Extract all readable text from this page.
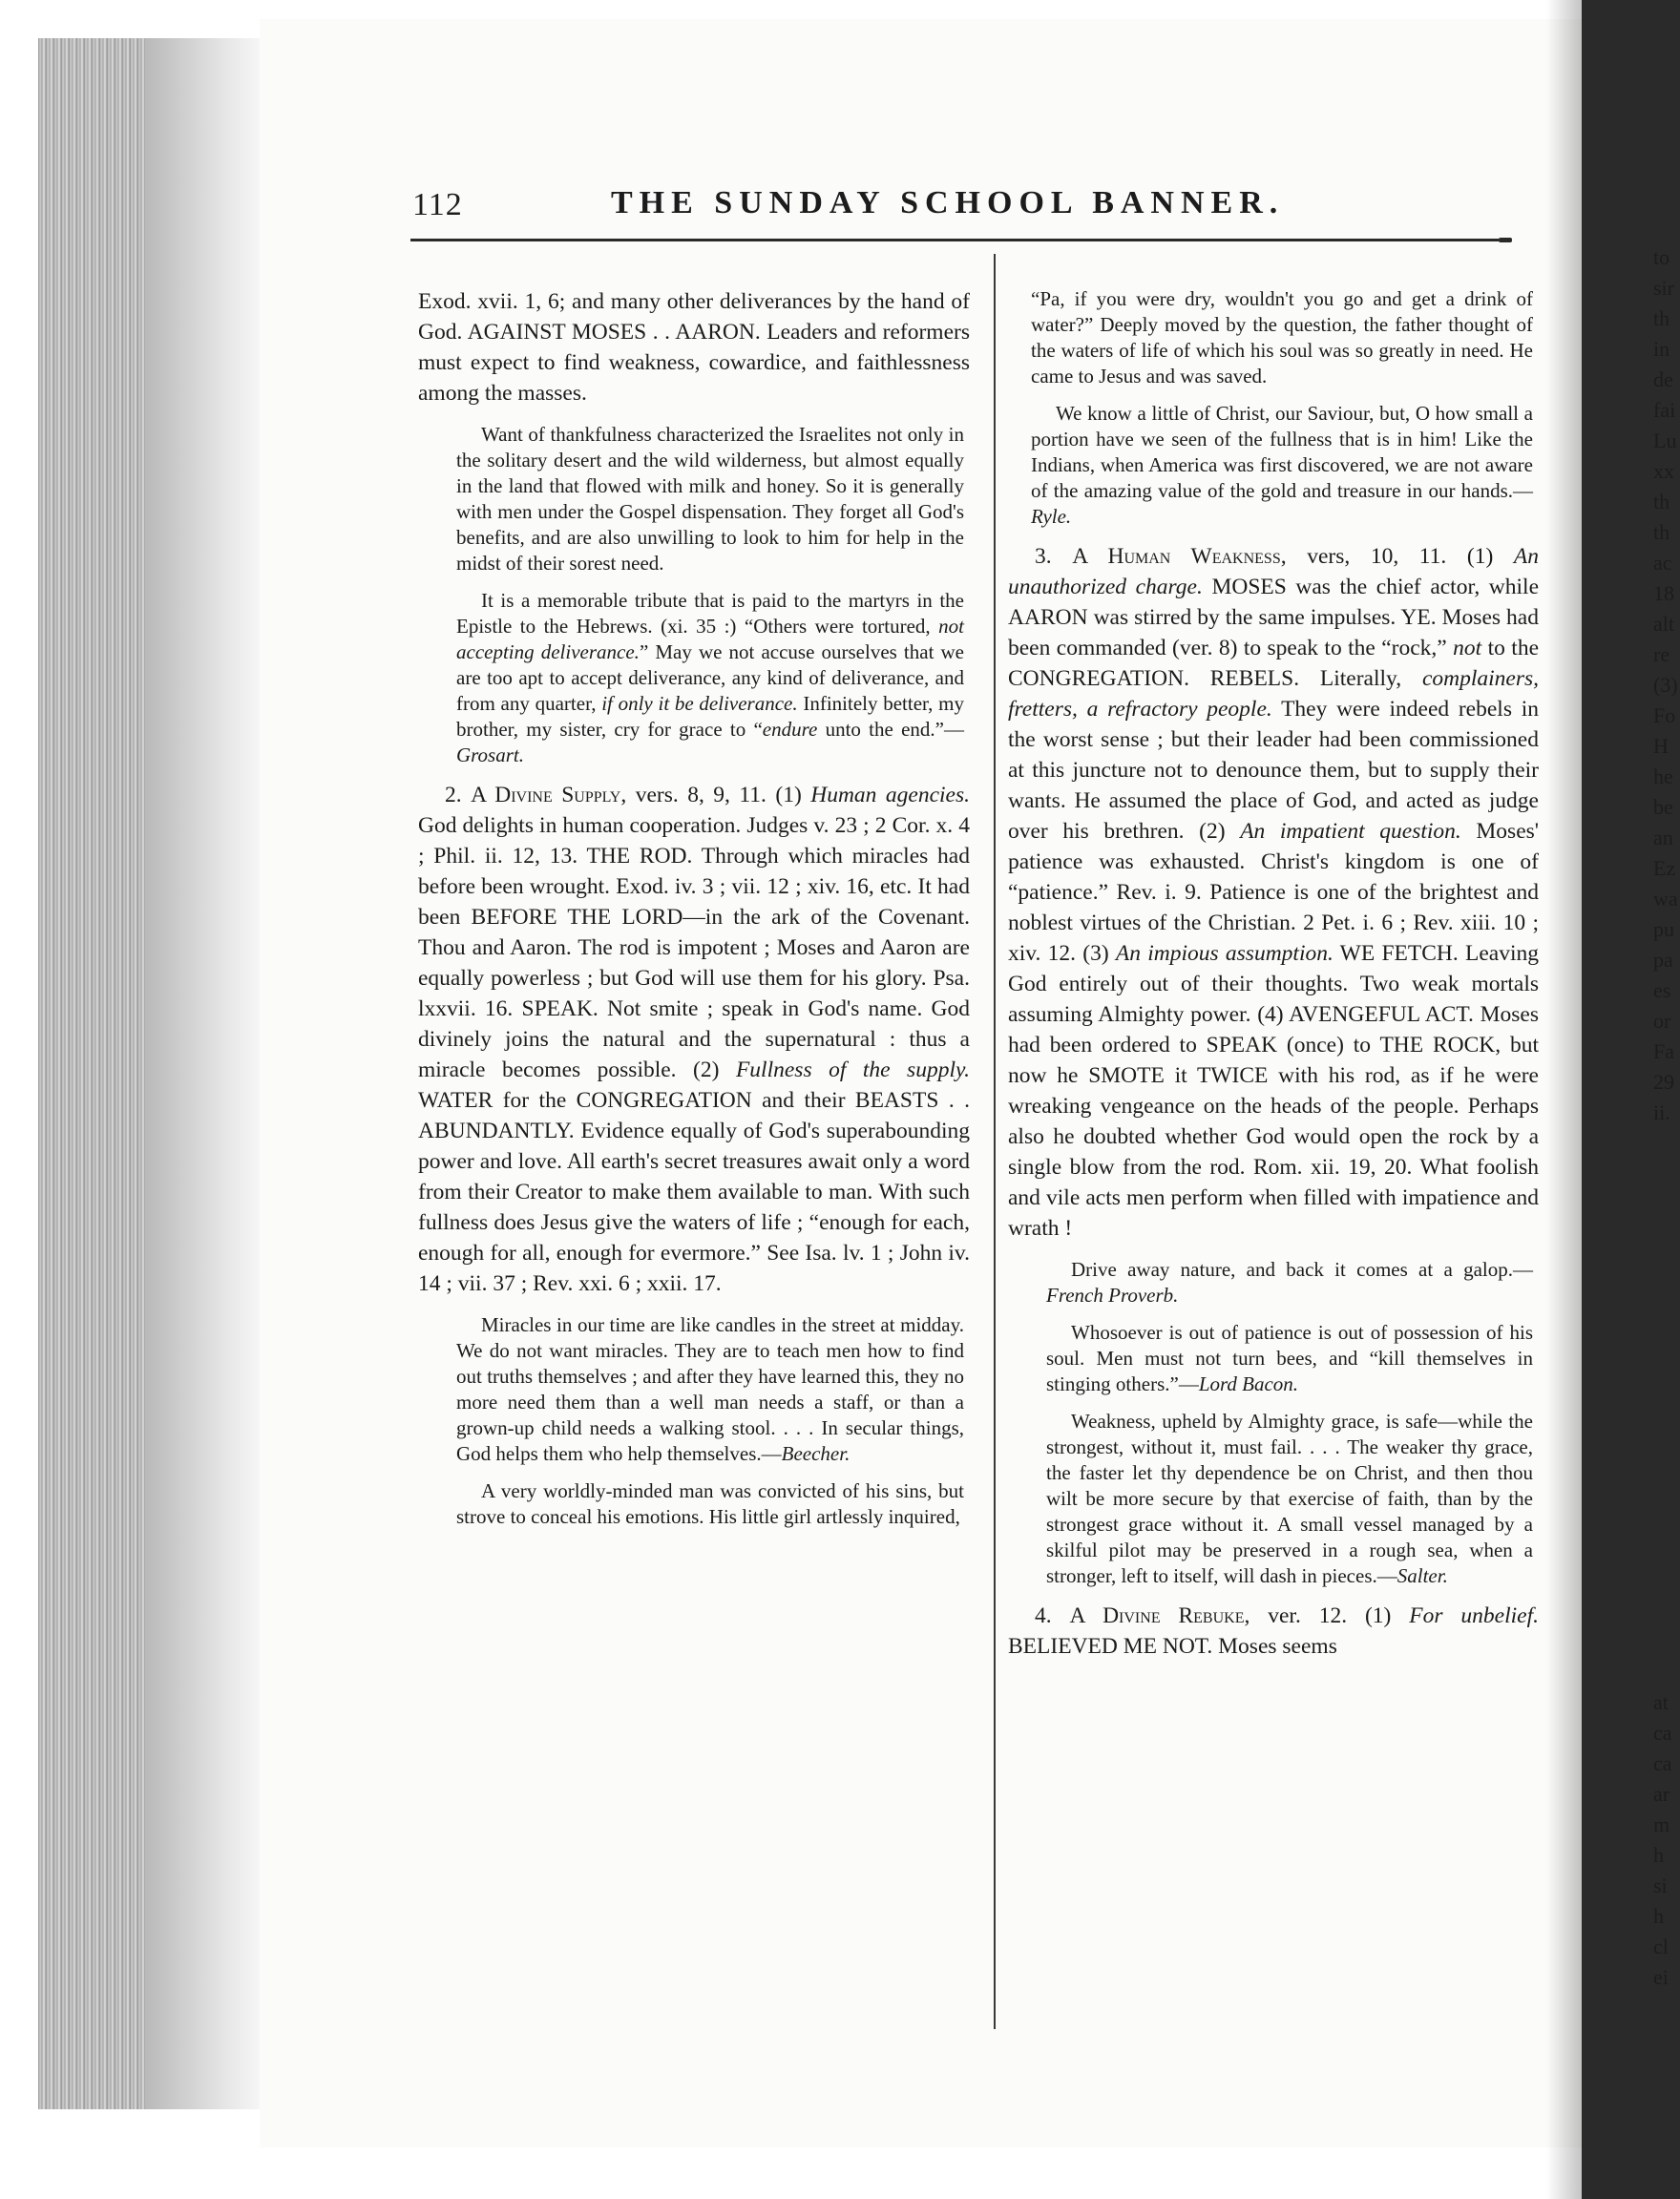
112	THE SUNDAY SCHOOL BANNER.

Exod. xvii. 1, 6; and many other deliverances by the hand of God. AGAINST MOSES . . AARON. Leaders and reformers must expect to find weakness, cowardice, and faithlessness among the masses.

Want of thankfulness characterized the Israelites not only in the solitary desert and the wild wilderness, but almost equally in the land that flowed with milk and honey. So it is generally with men under the Gospel dispensation. They forget all God's benefits, and are also unwilling to look to him for help in the midst of their sorest need.

It is a memorable tribute that is paid to the martyrs in the Epistle to the Hebrews. (xi. 35 :) “Others were tortured, not accepting deliverance.” May we not accuse ourselves that we are too apt to accept deliverance, any kind of deliverance, and from any quarter, if only it be deliverance. Infinitely better, my brother, my sister, cry for grace to “endure unto the end.”—Grosart.

2. A Divine Supply, vers. 8, 9, 11. (1) Human agencies. God delights in human cooperation. Judges v. 23 ; 2 Cor. x. 4 ; Phil. ii. 12, 13. THE ROD. Through which miracles had before been wrought. Exod. iv. 3 ; vii. 12 ; xiv. 16, etc. It had been BEFORE THE LORD—in the ark of the Covenant. Thou and Aaron. The rod is impotent ; Moses and Aaron are equally powerless ; but God will use them for his glory. Psa. lxxvii. 16. SPEAK. Not smite ; speak in God's name. God divinely joins the natural and the supernatural : thus a miracle becomes possible. (2) Fullness of the supply. WATER for the CONGREGATION and their BEASTS . . ABUNDANTLY. Evidence equally of God's superabounding power and love. All earth's secret treasures await only a word from their Creator to make them available to man. With such fullness does Jesus give the waters of life ; “enough for each, enough for all, enough for evermore.” See Isa. lv. 1 ; John iv. 14 ; vii. 37 ; Rev. xxi. 6 ; xxii. 17.

Miracles in our time are like candles in the street at midday. We do not want miracles. They are to teach men how to find out truths themselves ; and after they have learned this, they no more need them than a well man needs a staff, or than a grown-up child needs a walking stool. . . . In secular things, God helps them who help themselves.—Beecher.

A very worldly-minded man was convicted of his sins, but strove to conceal his emotions. His little girl artlessly inquired,

“Pa, if you were dry, wouldn't you go and get a drink of water?” Deeply moved by the question, the father thought of the waters of life of which his soul was so greatly in need. He came to Jesus and was saved.

We know a little of Christ, our Saviour, but, O how small a portion have we seen of the fullness that is in him! Like the Indians, when America was first discovered, we are not aware of the amazing value of the gold and treasure in our hands.—Ryle.

3. A Human Weakness, vers, 10, 11. (1) An unauthorized charge. MOSES was the chief actor, while AARON was stirred by the same impulses. YE. Moses had been commanded (ver. 8) to speak to the “rock,” not to the CONGREGATION. REBELS. Literally, complainers, fretters, a refractory people. They were indeed rebels in the worst sense ; but their leader had been commissioned at this juncture not to denounce them, but to supply their wants. He assumed the place of God, and acted as judge over his brethren. (2) An impatient question. Moses' patience was exhausted. Christ's kingdom is one of “patience.” Rev. i. 9. Patience is one of the brightest and noblest virtues of the Christian. 2 Pet. i. 6 ; Rev. xiii. 10 ; xiv. 12. (3) An impious assumption. WE FETCH. Leaving God entirely out of their thoughts. Two weak mortals assuming Almighty power. (4) AVENGEFUL ACT. Moses had been ordered to SPEAK (once) to THE ROCK, but now he SMOTE it TWICE with his rod, as if he were wreaking vengeance on the heads of the people. Perhaps also he doubted whether God would open the rock by a single blow from the rod. Rom. xii. 19, 20. What foolish and vile acts men perform when filled with impatience and wrath !

Drive away nature, and back it comes at a galop.—French Proverb.

Whosoever is out of patience is out of possession of his soul. Men must not turn bees, and “kill themselves in stinging others.”—Lord Bacon.

Weakness, upheld by Almighty grace, is safe—while the strongest, without it, must fail. . . . The weaker thy grace, the faster let thy dependence be on Christ, and then thou wilt be more secure by that exercise of faith, than by the strongest grace without it. A small vessel managed by a skilful pilot may be preserved in a rough sea, when a stronger, left to itself, will dash in pieces.—Salter.

4. A Divine Rebuke, ver. 12. (1) For unbelief. BELIEVED ME NOT. Moses seems

to
sir
th
in
de
fai
Lu
xx
th
th
ac
18
alt
re
(3)
Fo
H
he
be
an
Ez
wa
pu
pa
es
or
Fa
29
ii.
at
ca
ca
ar
m
h
si
h
cl
ei
